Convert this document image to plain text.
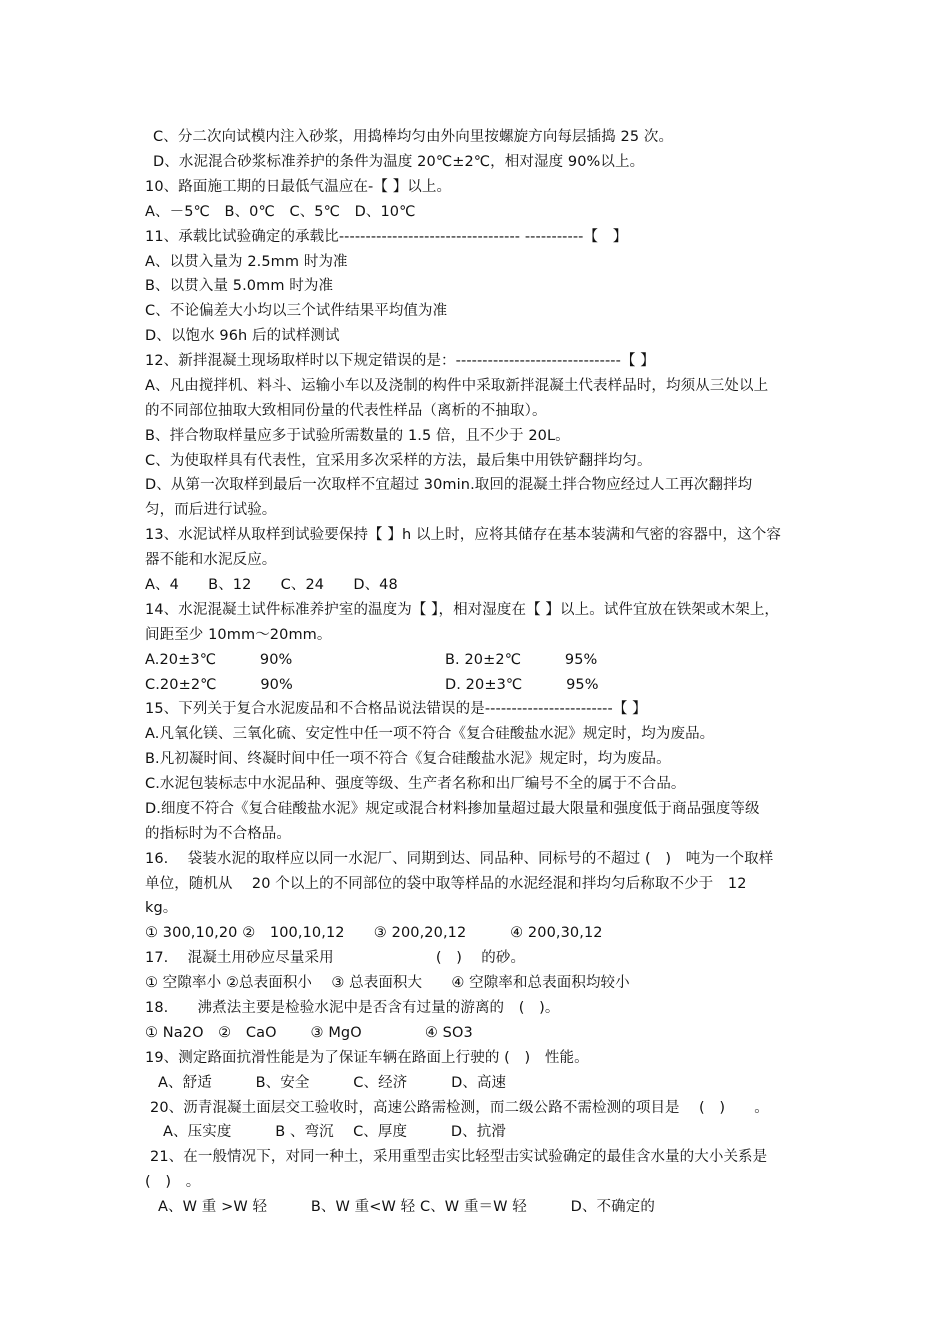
C、分二次向试模内注入砂浆，用捣棒均匀由外向里按螺旋方向每层插捣 25 次。
D、水泥混合砂浆标准养护的条件为温度 20℃±2℃，相对湿度 90%以上。
10、路面施工期的日最低气温应在-【 】以上。
A、－5℃　B、0℃　C、5℃　D、10℃
11、承载比试验确定的承载比---------------------------------- -----------【　】
A、以贯入量为 2.5mm 时为准
B、以贯入量 5.0mm 时为准
C、不论偏差大小均以三个试件结果平均值为准
D、以饱水 96h 后的试样测试
12、新拌混凝土现场取样时以下规定错误的是：-------------------------------【 】
A、凡由搅拌机、料斗、运输小车以及浇制的构件中采取新拌混凝土代表样品时，均须从三处以上
的不同部位抽取大致相同份量的代表性样品（离析的不抽取）。
B、拌合物取样量应多于试验所需数量的 1.5 倍，且不少于 20L。
C、为使取样具有代表性，宜采用多次采样的方法，最后集中用铁铲翻拌均匀。
D、从第一次取样到最后一次取样不宜超过 30min.取回的混凝土拌合物应经过人工再次翻拌均
匀，而后进行试验。
13、水泥试样从取样到试验要保持【 】h 以上时，应将其储存在基本装满和气密的容器中，这个容
器不能和水泥反应。
A、4　　B、12　　C、24　　D、48
14、水泥混凝土试件标准养护室的温度为【 】，相对湿度在【 】以上。试件宜放在铁架或木架上，
间距至少 10mm～20mm。
A.20±3℃　　　90%	B. 20±2℃　　　95%
C.20±2℃　　　90%	D. 20±3℃　　　95%
15、下列关于复合水泥废品和不合格品说法错误的是------------------------【 】
A.凡氧化镁、三氧化硫、安定性中任一项不符合《复合硅酸盐水泥》规定时，均为废品。
B.凡初凝时间、终凝时间中任一项不符合《复合硅酸盐水泥》规定时，均为废品。
C.水泥包装标志中水泥品种、强度等级、生产者名称和出厂编号不全的属于不合品。
D.细度不符合《复合硅酸盐水泥》规定或混合材料掺加量超过最大限量和强度低于商品强度等级
的指标时为不合格品。
16.　 袋装水泥的取样应以同一水泥厂、同期到达、同品种、同标号的不超过 (　)　吨为一个取样
单位，随机从　 20 个以上的不同部位的袋中取等样品的水泥经混和拌均匀后称取不少于　12
kg。
① 300,10,20 ②　100,10,12　　③ 200,20,12　　　④ 200,30,12
17.　 混凝土用砂应尽量采用　　　　　　　(　)　 的砂。
① 空隙率小 ②总表面积小　 ③ 总表面积大　　④ 空隙率和总表面积均较小
18.　　沸煮法主要是检验水泥中是否含有过量的游离的　(　)。
① Na2O　②　CaO　　 ③ MgO　　　　 ④ SO3
19、测定路面抗滑性能是为了保证车辆在路面上行驶的 (　)　性能。
A、舒适　　　B、安全　　　C、经济　　　D、高速
20、沥青混凝土面层交工验收时，高速公路需检测，而二级公路不需检测的项目是　 (　)　　。
A、压实度　　　B 、弯沉　 C、厚度　　　D、抗滑
21、在一般情况下，对同一种土，采用重型击实比轻型击实试验确定的最佳含水量的大小关系是
(　)　。
A、W 重 >W 轻　　　B、W 重<W 轻 C、W 重＝W 轻　　　D、不确定的
